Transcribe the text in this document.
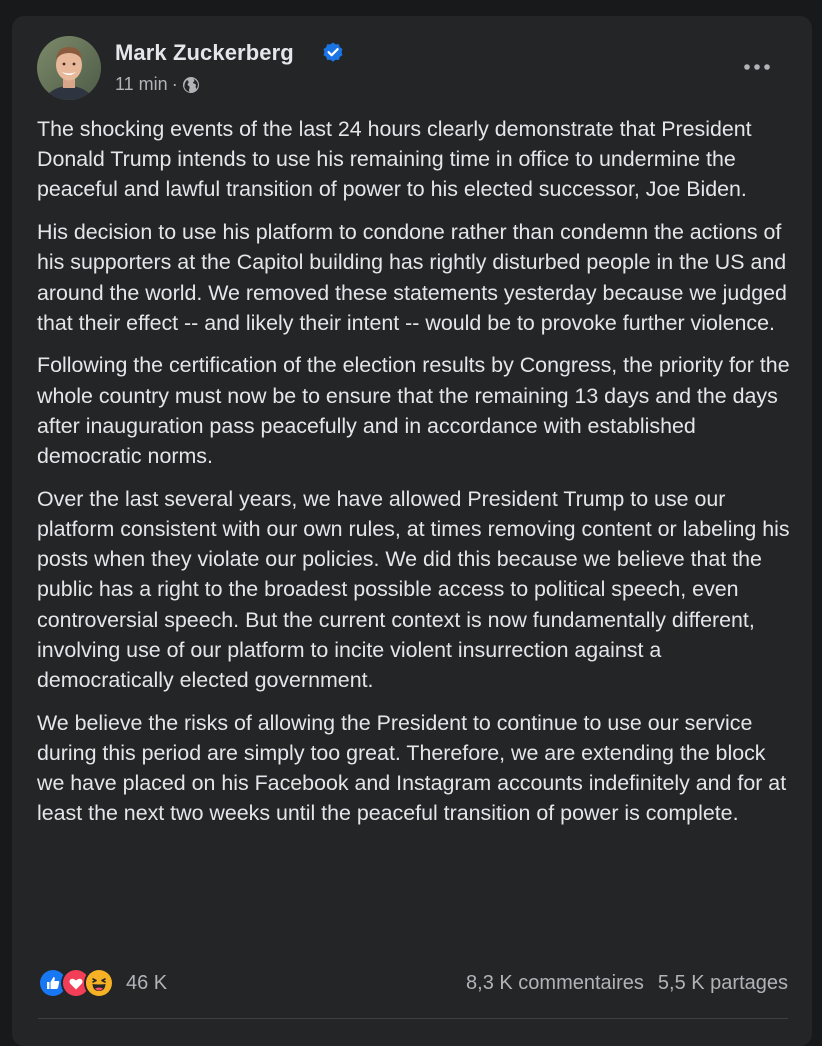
Mark Zuckerberg
11 min ·

The shocking events of the last 24 hours clearly demonstrate that President Donald Trump intends to use his remaining time in office to undermine the peaceful and lawful transition of power to his elected successor, Joe Biden.

His decision to use his platform to condone rather than condemn the actions of his supporters at the Capitol building has rightly disturbed people in the US and around the world. We removed these statements yesterday because we judged that their effect -- and likely their intent -- would be to provoke further violence.

Following the certification of the election results by Congress, the priority for the whole country must now be to ensure that the remaining 13 days and the days after inauguration pass peacefully and in accordance with established democratic norms.

Over the last several years, we have allowed President Trump to use our platform consistent with our own rules, at times removing content or labeling his posts when they violate our policies. We did this because we believe that the public has a right to the broadest possible access to political speech, even controversial speech. But the current context is now fundamentally different, involving use of our platform to incite violent insurrection against a democratically elected government.

We believe the risks of allowing the President to continue to use our service during this period are simply too great. Therefore, we are extending the block we have placed on his Facebook and Instagram accounts indefinitely and for at least the next two weeks until the peaceful transition of power is complete.

46 K	8,3 K commentaires 5,5 K partages
